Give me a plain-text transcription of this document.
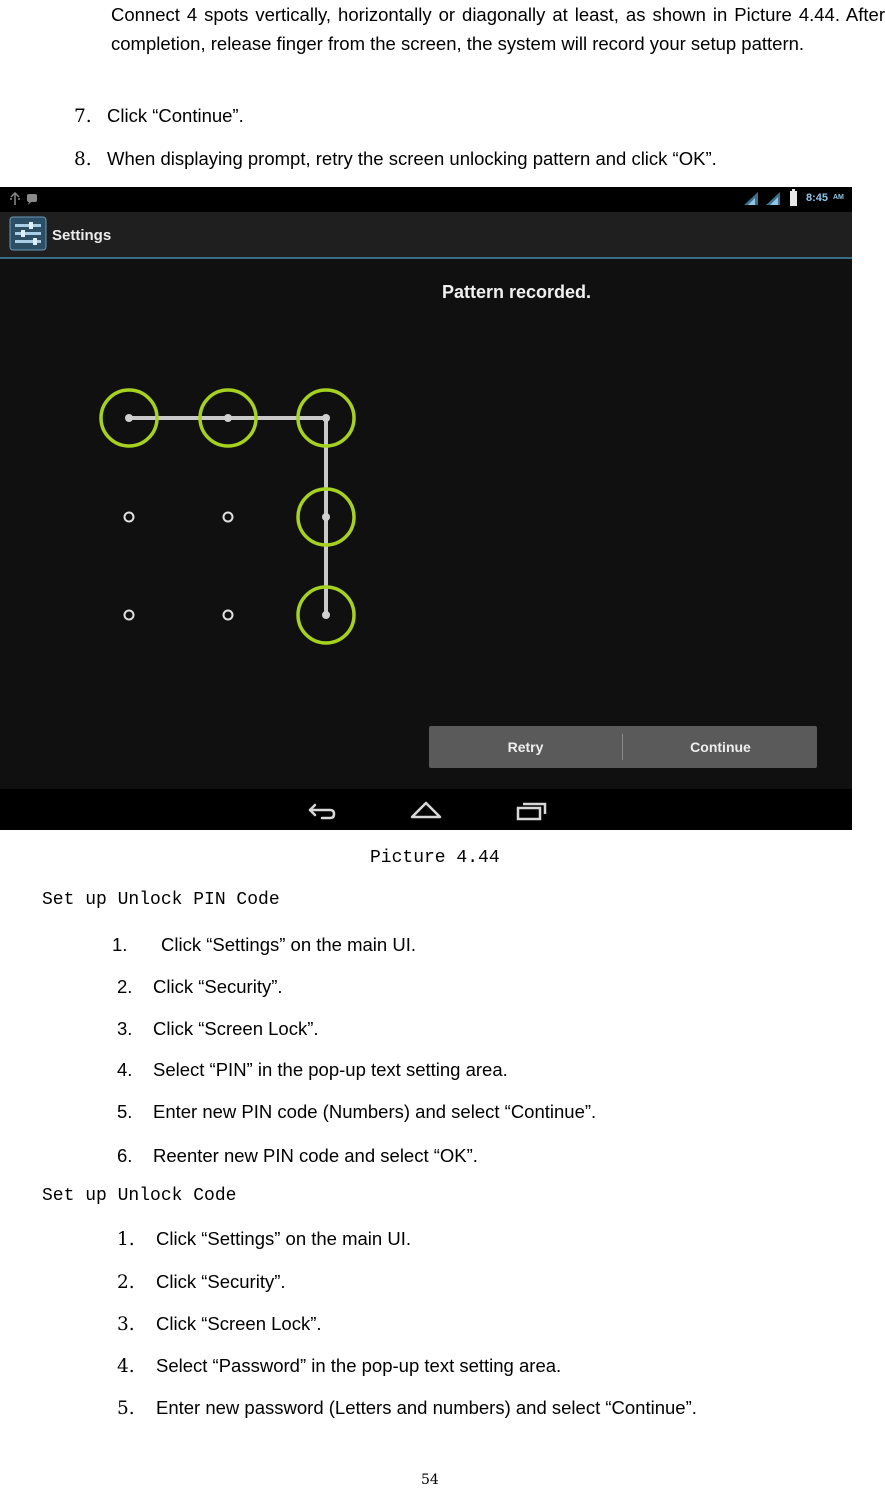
Connect 4 spots vertically, horizontally or diagonally at least, as shown in Picture 4.44. After completion, release finger from the screen, the system will record your setup pattern.

7. Click “Continue”.
8. When displaying prompt, retry the screen unlocking pattern and click “OK”.
8:45 AM
Settings
Pattern recorded.
Retry	Continue
Picture 4.44
Set up Unlock PIN Code
1. Click “Settings” on the main UI.
2. Click “Security”.
3. Click “Screen Lock”.
4. Select “PIN” in the pop-up text setting area.
5. Enter new PIN code (Numbers) and select “Continue”.
6. Reenter new PIN code and select “OK”.
Set up Unlock Code
1. Click “Settings” on the main UI.
2. Click “Security”.
3. Click “Screen Lock”.
4. Select “Password” in the pop-up text setting area.
5. Enter new password (Letters and numbers) and select “Continue”.
54
